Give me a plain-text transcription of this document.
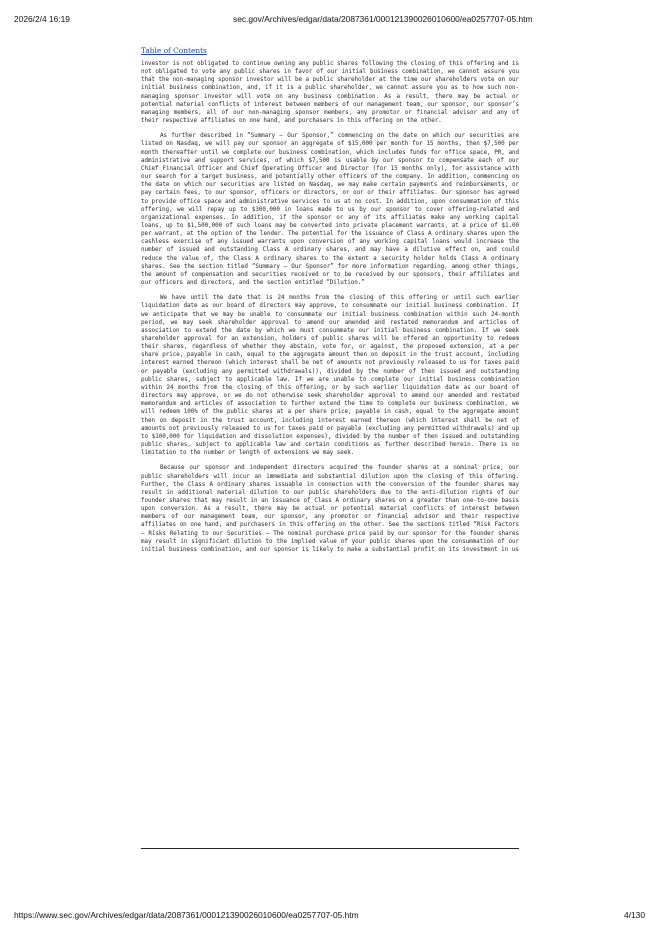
2026/2/4 16:19	sec.gov/Archives/edgar/data/2087361/000121390026010600/ea0257707-05.htm
Table of Contents

investor is not obligated to continue owning any public shares following the closing of this offering and is not obligated to vote any public shares in favor of our initial business combination, we cannot assure you that the non-managing sponsor investor will be a public shareholder at the time our shareholders vote on our initial business combination, and, if it is a public shareholder, we cannot assure you as to how such non-managing sponsor investor will vote on any business combination. As a result, there may be actual or potential material conflicts of interest between members of our management team, our sponsor, our sponsor’s managing members, all of our non-managing sponsor members, any promotor or financial advisor and any of their respective affiliates on one hand, and purchasers in this offering on the other.

As further described in “Summary — Our Sponsor,” commencing on the date on which our securities are listed on Nasdaq, we will pay our sponsor an aggregate of $15,000 per month for 15 months, then $7,500 per month thereafter until we complete our business combination, which includes funds for office space, PR, and administrative and support services, of which $7,500 is usable by our sponsor to compensate each of our Chief Financial Officer and Chief Operating Officer and Director (for 15 months only), for assistance with our search for a target business, and potentially other officers of the company. In addition, commencing on the date on which our securities are listed on Nasdaq, we may make certain payments and reimbursements, or pay certain fees, to our sponsor, officers or directors, or our or their affiliates. Our sponsor has agreed to provide office space and administrative services to us at no cost. In addition, upon consummation of this offering, we will repay up to $300,000 in loans made to us by our sponsor to cover offering-related and organizational expenses. In addition, if the sponsor or any of its affiliates make any working capital loans, up to $1,500,000 of such loans may be converted into private placement warrants, at a price of $1.00 per warrant, at the option of the lender. The potential for the issuance of Class A ordinary shares upon the cashless exercise of any issued warrants upon conversion of any working capital loans would increase the number of issued and outstanding Class A ordinary shares, and may have a dilutive effect on, and could reduce the value of, the Class A ordinary shares to the extent a security holder holds Class A ordinary shares. See the section titled “Summary — Our Sponsor” for more information regarding, among other things, the amount of compensation and securities received or to be received by our sponsors, their affiliates and our officers and directors, and the section entitled “Dilution.”

We have until the date that is 24 months from the closing of this offering or until such earlier liquidation date as our board of directors may approve, to consummate our initial business combination. If we anticipate that we may be unable to consummate our initial business combination within such 24-month period, we may seek shareholder approval to amend our amended and restated memorandum and articles of association to extend the date by which we must consummate our initial business combination. If we seek shareholder approval for an extension, holders of public shares will be offered an opportunity to redeem their shares, regardless of whether they abstain, vote for, or against, the proposed extension, at a per share price, payable in cash, equal to the aggregate amount then on deposit in the trust account, including interest earned thereon (which interest shall be net of amounts not previously released to us for taxes paid or payable (excluding any permitted withdrawals)), divided by the number of then issued and outstanding public shares, subject to applicable law. If we are unable to complete our initial business combination within 24 months from the closing of this offering, or by such earlier liquidation date as our board of directors may approve, or we do not otherwise seek shareholder approval to amend our amended and restated memorandum and articles of association to further extend the time to complete our business combination, we will redeem 100% of the public shares at a per share price, payable in cash, equal to the aggregate amount then on deposit in the trust account, including interest earned thereon (which interest shall be net of amounts not previously released to us for taxes paid or payable (excluding any permitted withdrawals) and up to $100,000 for liquidation and dissolution expenses), divided by the number of then issued and outstanding public shares, subject to applicable law and certain conditions as further described herein. There is no limitation to the number or length of extensions we may seek.

Because our sponsor and independent directors acquired the founder shares at a nominal price, our public shareholders will incur an immediate and substantial dilution upon the closing of this offering. Further, the Class A ordinary shares issuable in connection with the conversion of the founder shares may result in additional material dilution to our public shareholders due to the anti-dilution rights of our founder shares that may result in an issuance of Class A ordinary shares on a greater than one-to-one basis upon conversion. As a result, there may be actual or potential material conflicts of interest between members of our management team, our sponsor, any promotor or financial advisor and their respective affiliates on one hand, and purchasers in this offering on the other. See the sections titled “Risk Factors — Risks Relating to our Securities — The nominal purchase price paid by our sponsor for the founder shares may result in significant dilution to the implied value of your public shares upon the consummation of our initial business combination, and our sponsor is likely to make a substantial profit on its investment in us

https://www.sec.gov/Archives/edgar/data/2087361/000121390026010600/ea0257707-05.htm	4/130
